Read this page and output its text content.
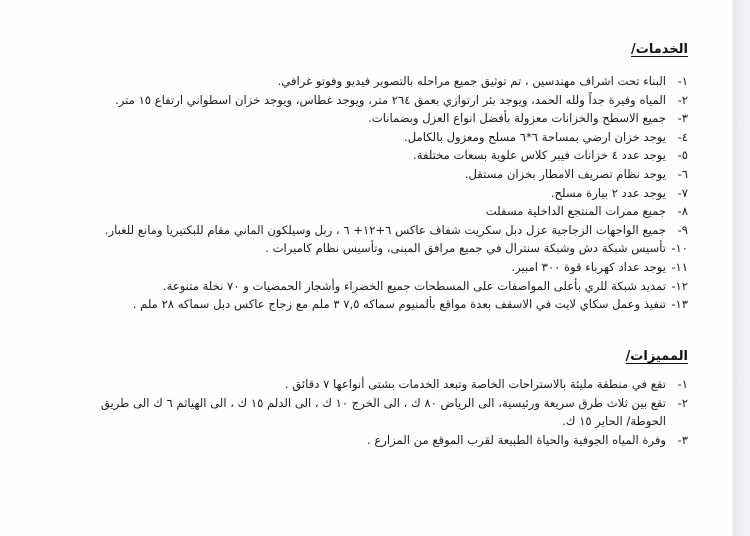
الخدمات/
١-
البناء تحت اشراف مهندسين ، تم توثيق جميع مراحله بالتصوير فيديو وفوتو غرافي.
٢-
المياه وفيرة جداً ولله الحمد، ويوجد بئر ارتوازي بعمق ٢٦٤ متر، ويوجد غطاس، ويوجد خزان اسطواني ارتفاع ١٥ متر.
٣-
جميع الاسطح والخزانات معزولة بأفضل انواع العزل وبضمانات.
٤-
يوجد خزان ارضي بمساحة ٦*٦ مسلح ومعزول بالكامل.
٥-
يوجد عدد ٤ خزانات فيبر كلاس علوية بسعات مختلفة.
٦-
يوجد نظام تصريف الامطار بخزان مستقل.
٧-
يوجد عدد ٢ بيارة مسلح.
٨-
جميع ممرات المنتجع الداخلية مسفلت
٩-
جميع الواجهات الزجاجية عزل دبل سكريت شفاف عاكس ٦+١٢+ ٦ ، ربل وسيلكون الماني مقام للبكتيريا ومانع للغبار.
١٠-
تأسيس شبكة دش وشبكة سنترال في جميع مرافق المبنى، وتأسيس نظام كاميرات .
١١-
يوجد عداد كهرباء قوة ٣٠٠ امبير.
١٢-
تمديد شبكة للري بأعلى المواصفات على المسطحات جميع الخضراء وأشجار الحمضيات و ٧٠ نخلة متنوعة.
١٣-
تنفيذ وعمل سكاي لايت في الاسقف بعدة مواقع بألمنيوم سماكه ٧,٥ ٣ ملم مع زجاج عاكس دبل سماكه ٢٨ ملم .
المميزات/
١-
تقع في منطقة مليئة بالاستراحات الخاصة وتبعد الخدمات بشتى أنواعها ٧ دقائق .
٢-
تقع بين ثلاث طرق سريعة ورئيسية، الى الرياض ٨٠ ك ، الى الخرج ١٠ ك ، الى الدلم ١٥ ك ، الى الهياثم ٦ ك الى طريق الحوطة/ الحاير ١٥ ك.
٣-
وفرة المياه الجوفية والحياة الطبيعة لقرب الموقع من المزارع .
